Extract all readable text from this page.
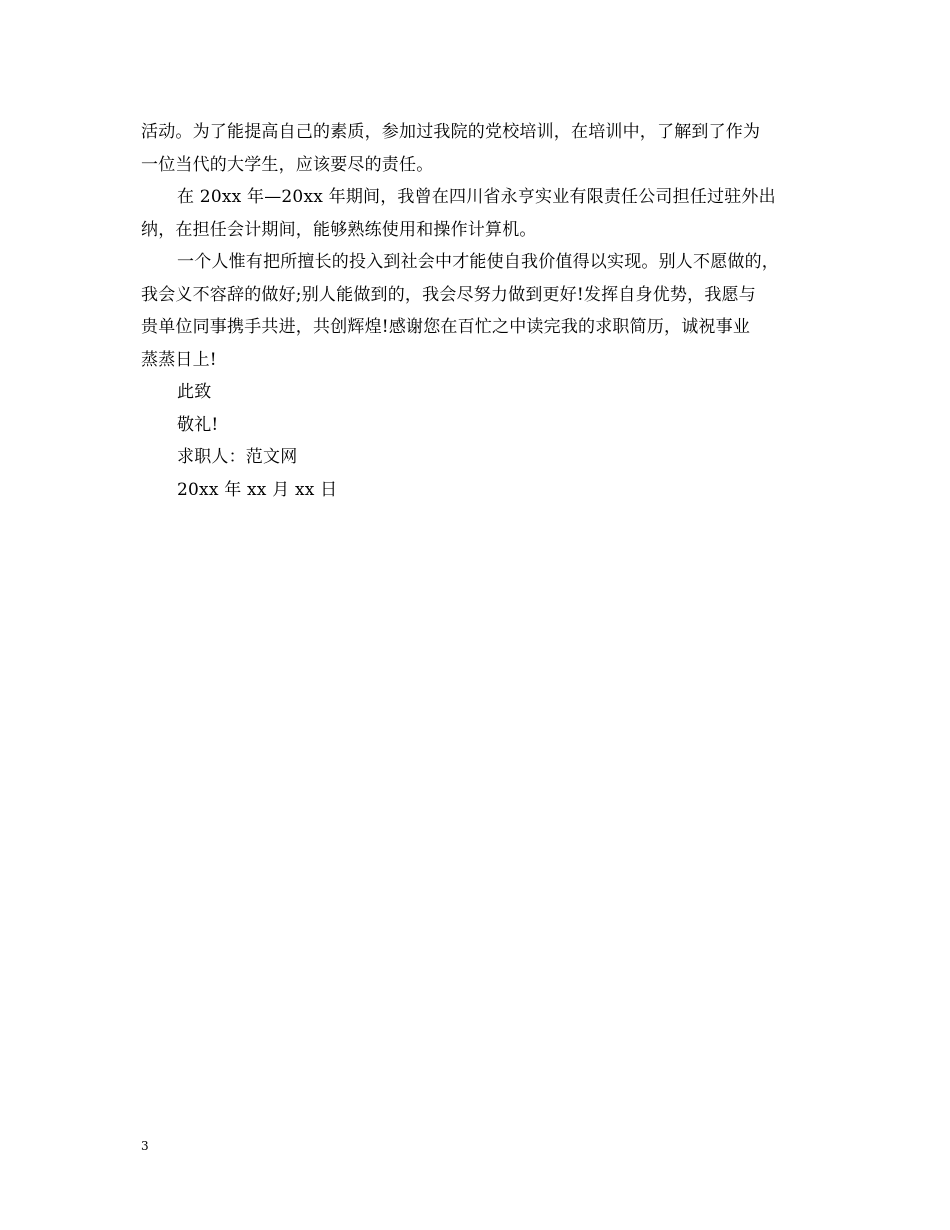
活动。为了能提高自己的素质，参加过我院的党校培训，在培训中，了解到了作为
一位当代的大学生，应该要尽的责任。
在 20xx 年—20xx 年期间，我曾在四川省永亨实业有限责任公司担任过驻外出
纳，在担任会计期间，能够熟练使用和操作计算机。
一个人惟有把所擅长的投入到社会中才能使自我价值得以实现。别人不愿做的，
我会义不容辞的做好;别人能做到的，我会尽努力做到更好!发挥自身优势，我愿与
贵单位同事携手共进，共创辉煌!感谢您在百忙之中读完我的求职简历，诚祝事业
蒸蒸日上!
此致
敬礼!
求职人：范文网
20xx 年 xx 月 xx 日
3
